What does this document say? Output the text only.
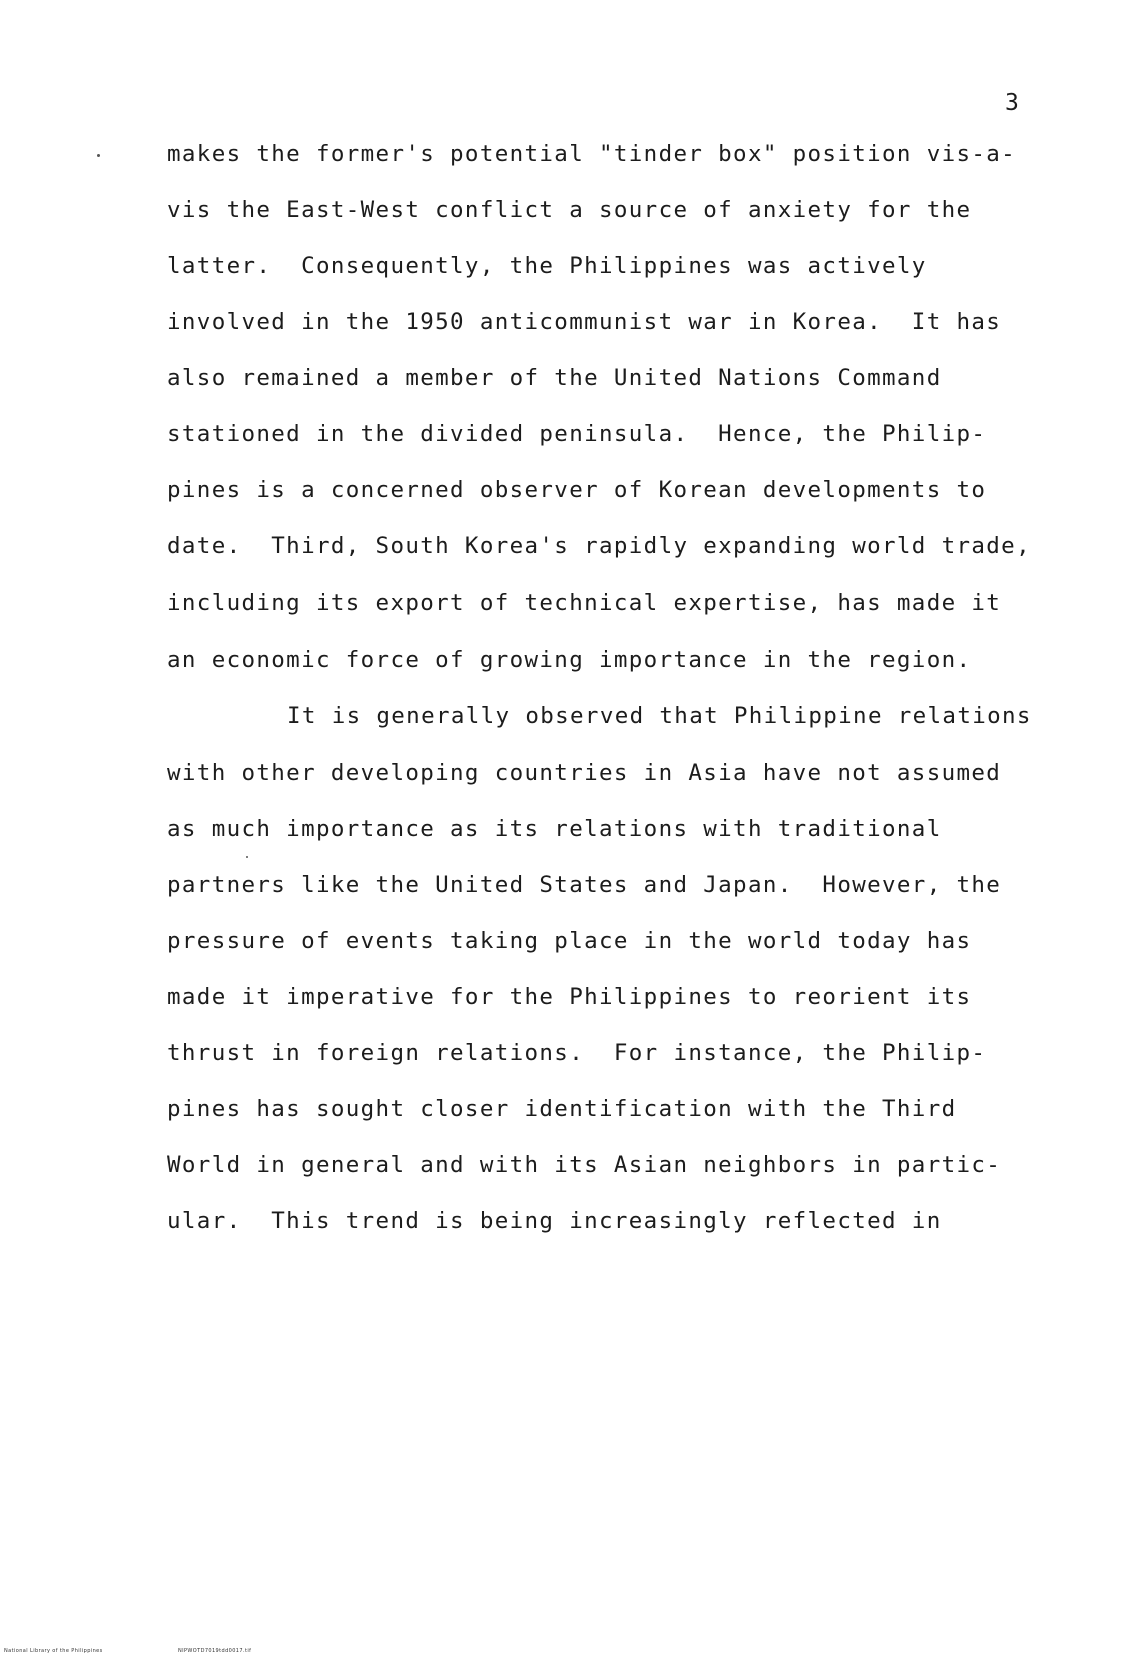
3
makes the former's potential "tinder box" position vis-a-
vis the East-West conflict a source of anxiety for the
latter.  Consequently, the Philippines was actively
involved in the 1950 anticommunist war in Korea.  It has
also remained a member of the United Nations Command
stationed in the divided peninsula.  Hence, the Philip-
pines is a concerned observer of Korean developments to
date.  Third, South Korea's rapidly expanding world trade,
including its export of technical expertise, has made it
an economic force of growing importance in the region.
It is generally observed that Philippine relations
with other developing countries in Asia have not assumed
as much importance as its relations with traditional
partners like the United States and Japan.  However, the
pressure of events taking place in the world today has
made it imperative for the Philippines to reorient its
thrust in foreign relations.  For instance, the Philip-
pines has sought closer identification with the Third
World in general and with its Asian neighbors in partic-
ular.  This trend is being increasingly reflected in
National Library of the Philippines	NIPWOTD7019tdd0017.tif
